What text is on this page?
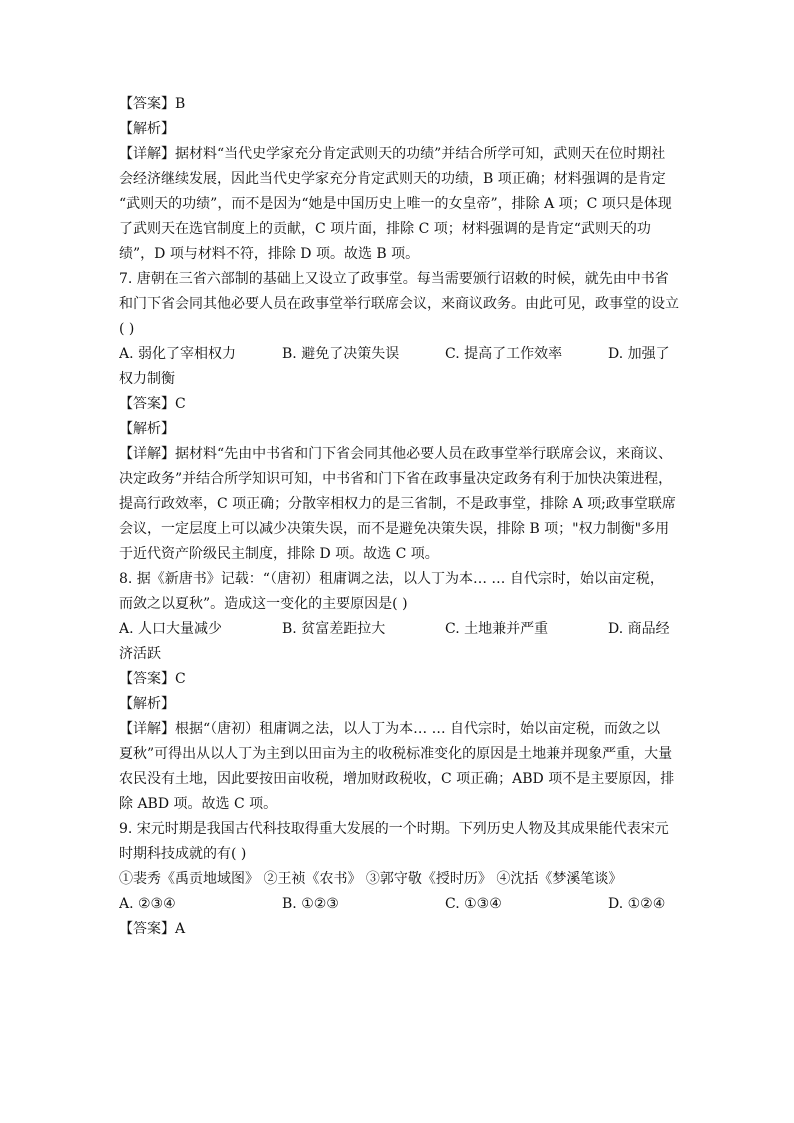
【答案】B
【解析】
【详解】据材料“当代史学家充分肯定武则天的功绩”并结合所学可知，武则天在位时期社
会经济继续发展，因此当代史学家充分肯定武则天的功绩，B 项正确；材料强调的是肯定
“武则天的功绩”，而不是因为“她是中国历史上唯一的女皇帝”，排除 A 项；C 项只是体现
了武则天在选官制度上的贡献，C 项片面，排除 C 项；材料强调的是肯定“武则天的功
绩”，D 项与材料不符，排除 D 项。故选 B 项。
7. 唐朝在三省六部制的基础上又设立了政事堂。每当需要颁行诏敕的时候，就先由中书省
和门下省会同其他必要人员在政事堂举行联席会议，来商议政务。由此可见，政事堂的设立
( )
A. 弱化了宰相权力	B. 避免了决策失误	C. 提高了工作效率	D. 加强了
权力制衡
【答案】C
【解析】
【详解】据材料“先由中书省和门下省会同其他必要人员在政事堂举行联席会议，来商议、
决定政务”并结合所学知识可知，中书省和门下省在政事量决定政务有利于加快决策进程，
提高行政效率，C 项正确；分散宰相权力的是三省制，不是政事堂，排除 A 项;政事堂联席
会议，一定层度上可以减少决策失误，而不是避免决策失误，排除 B 项；"权力制衡"多用
于近代资产阶级民主制度，排除 D 项。故选 C 项。
8. 据《新唐书》记载：“（唐初）租庸调之法，以人丁为本… … 自代宗时，始以亩定税，
而敛之以夏秋”。造成这一变化的主要原因是( )
A. 人口大量减少	B. 贫富差距拉大	C. 土地兼并严重	D. 商品经
济活跃
【答案】C
【解析】
【详解】根据“（唐初）租庸调之法，以人丁为本… … 自代宗时，始以亩定税，而敛之以
夏秋”可得出从以人丁为主到以田亩为主的收税标准变化的原因是土地兼并现象严重，大量
农民没有土地，因此要按田亩收税，增加财政税收，C 项正确；ABD 项不是主要原因，排
除 ABD 项。故选 C 项。
9. 宋元时期是我国古代科技取得重大发展的一个时期。下列历史人物及其成果能代表宋元
时期科技成就的有( )
①裴秀《禹贡地域图》 ②王祯《农书》 ③郭守敬《授时历》 ④沈括《梦溪笔谈》
A. ②③④	B. ①②③	C. ①③④	D. ①②④
【答案】A
